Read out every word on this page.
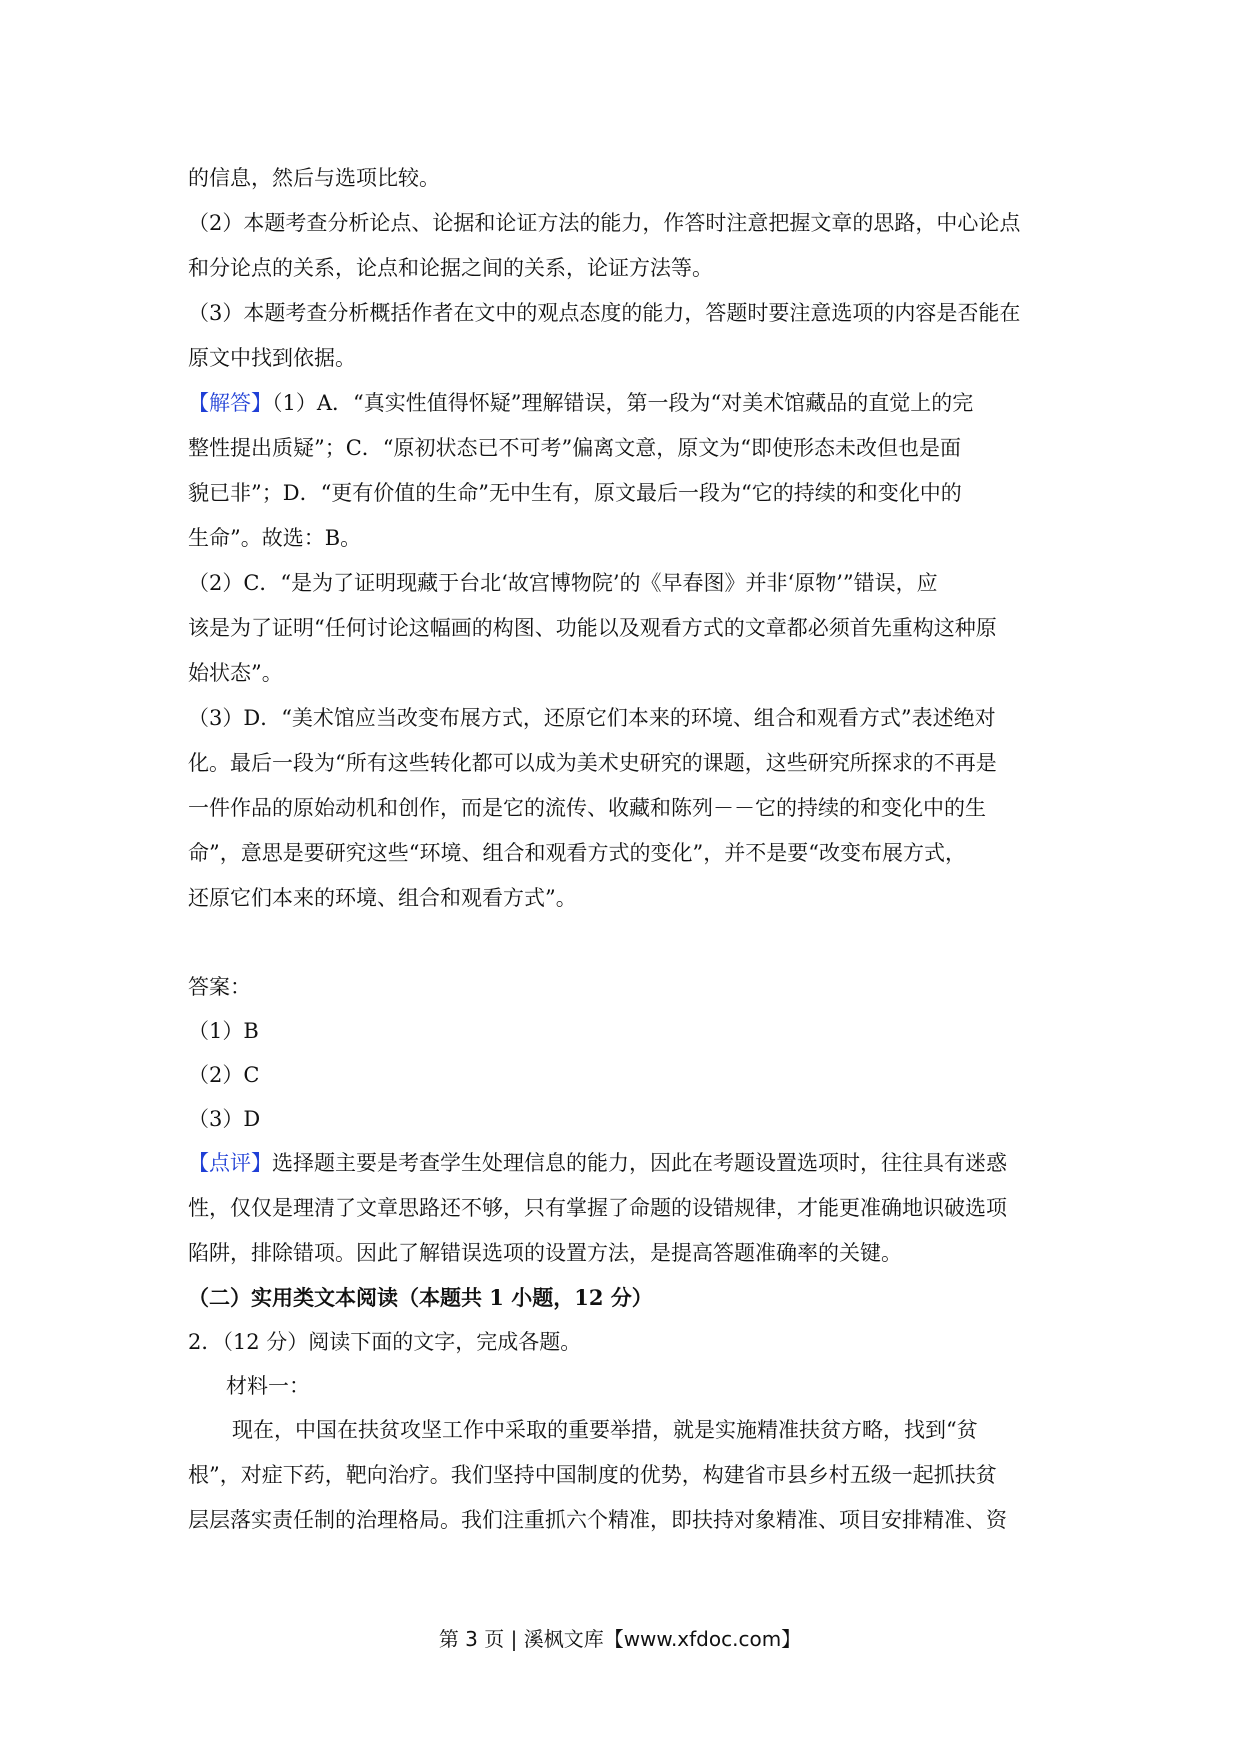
的信息，然后与选项比较。
（2）本题考查分析论点、论据和论证方法的能力，作答时注意把握文章的思路，中心论点
和分论点的关系，论点和论据之间的关系，论证方法等。
（3）本题考查分析概括作者在文中的观点态度的能力，答题时要注意选项的内容是否能在
原文中找到依据。
【解答】（1）A．“真实性值得怀疑”理解错误，第一段为“对美术馆藏品的直觉上的完
整性提出质疑”；C．“原初状态已不可考”偏离文意，原文为“即使形态未改但也是面
貌已非”；D．“更有价值的生命”无中生有，原文最后一段为“它的持续的和变化中的
生命”。故选：B。
（2）C．“是为了证明现藏于台北‘故宫博物院’的《早春图》并非‘原物’”错误，应
该是为了证明“任何讨论这幅画的构图、功能以及观看方式的文章都必须首先重构这种原
始状态”。
（3）D．“美术馆应当改变布展方式，还原它们本来的环境、组合和观看方式”表述绝对
化。最后一段为“所有这些转化都可以成为美术史研究的课题，这些研究所探求的不再是
一件作品的原始动机和创作，而是它的流传、收藏和陈列－－它的持续的和变化中的生
命”，意思是要研究这些“环境、组合和观看方式的变化”，并不是要“改变布展方式，
还原它们本来的环境、组合和观看方式”。
答案：
（1）B
（2）C
（3）D
【点评】选择题主要是考查学生处理信息的能力，因此在考题设置选项时，往往具有迷惑
性，仅仅是理清了文章思路还不够，只有掌握了命题的设错规律，才能更准确地识破选项
陷阱，排除错项。因此了解错误选项的设置方法，是提高答题准确率的关键。
（二）实用类文本阅读（本题共 1 小题，12 分）
2．（12 分）阅读下面的文字，完成各题。
材料一：
现在，中国在扶贫攻坚工作中采取的重要举措，就是实施精准扶贫方略，找到“贫
根”，对症下药，靶向治疗。我们坚持中国制度的优势，构建省市县乡村五级一起抓扶贫
层层落实责任制的治理格局。我们注重抓六个精准，即扶持对象精准、项目安排精准、资
第 3 页 | 溪枫文库【www.xfdoc.com】
